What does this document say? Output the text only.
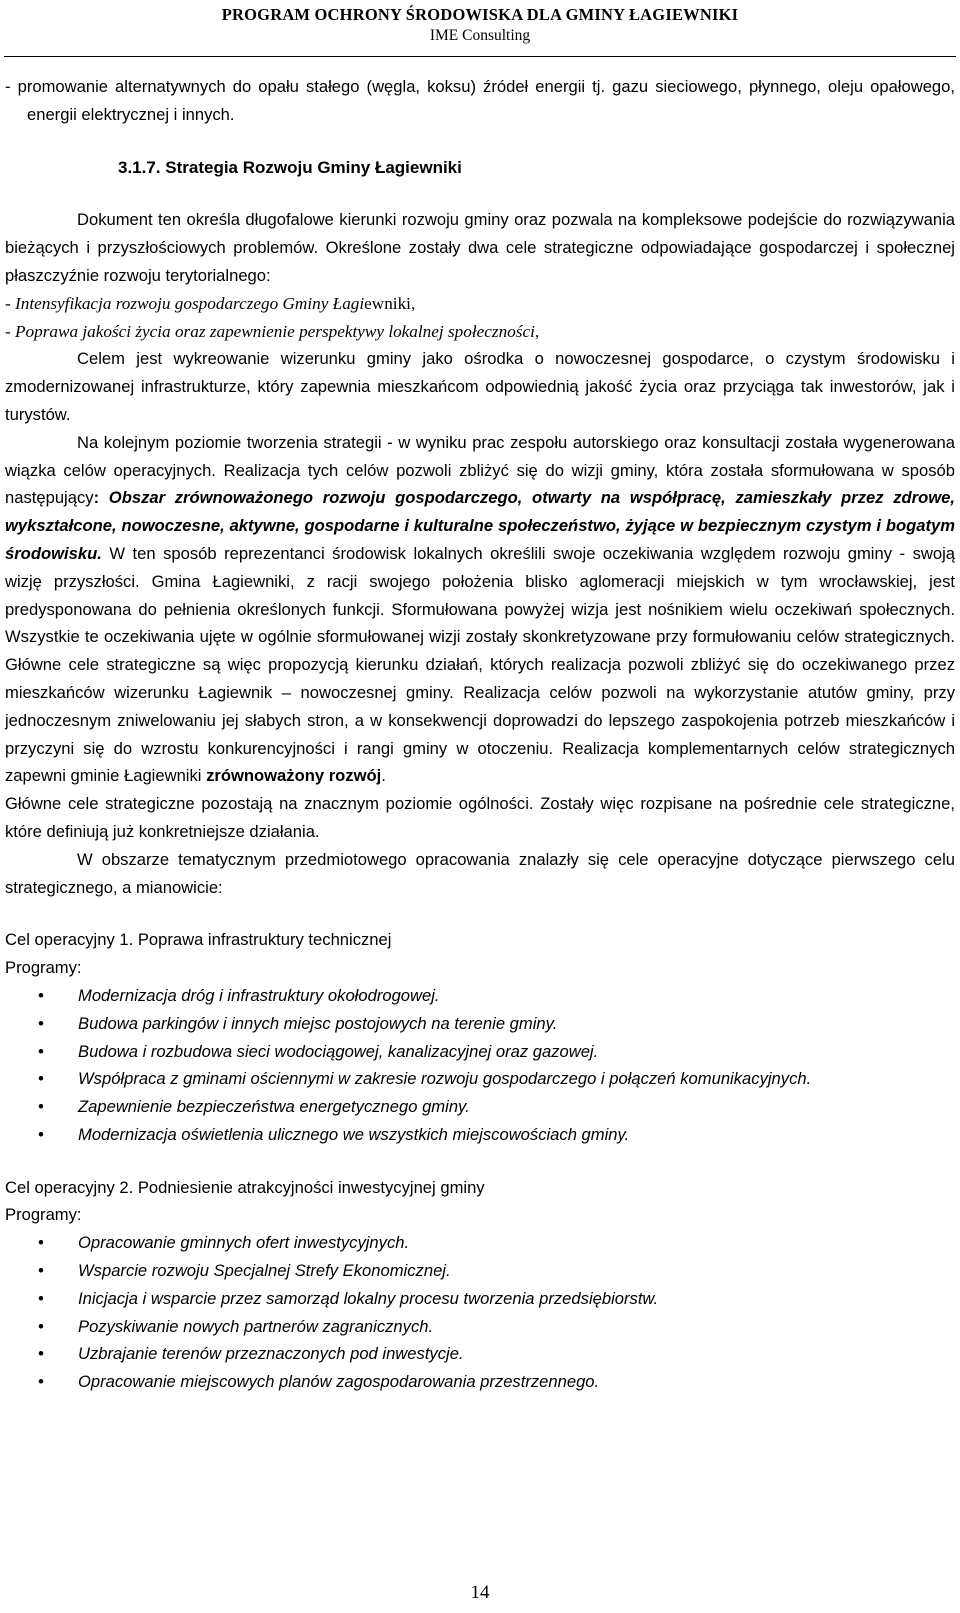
PROGRAM OCHRONY ŚRODOWISKA DLA GMINY ŁAGIEWNIKI
IME Consulting

- promowanie alternatywnych do opału stałego (węgla, koksu) źródeł energii tj. gazu sieciowego, płynnego, oleju opałowego, energii elektrycznej i innych.

3.1.7. Strategia Rozwoju Gminy Łagiewniki

Dokument ten określa długofalowe kierunki rozwoju gminy oraz pozwala na kompleksowe podejście do rozwiązywania bieżących i przyszłościowych problemów. Określone zostały dwa cele strategiczne odpowiadające gospodarczej i społecznej płaszczyźnie rozwoju terytorialnego:

- Intensyfikacja rozwoju gospodarczego Gminy Łagiewniki,

- Poprawa jakości życia oraz zapewnienie perspektywy lokalnej społeczności,

Celem jest wykreowanie wizerunku gminy jako ośrodka o nowoczesnej gospodarce, o czystym środowisku i zmodernizowanej infrastrukturze, który zapewnia mieszkańcom odpowiednią jakość życia oraz przyciąga tak inwestorów, jak i turystów.

Na kolejnym poziomie tworzenia strategii - w wyniku prac zespołu autorskiego oraz konsultacji została wygenerowana wiązka celów operacyjnych. Realizacja tych celów pozwoli zbliżyć się do wizji gminy, która została sformułowana w sposób następujący: Obszar zrównoważonego rozwoju gospodarczego, otwarty na współpracę, zamieszkały przez zdrowe, wykształcone, nowoczesne, aktywne, gospodarne i kulturalne społeczeństwo, żyjące w bezpiecznym czystym i bogatym środowisku. W ten sposób reprezentanci środowisk lokalnych określili swoje oczekiwania względem rozwoju gminy - swoją wizję przyszłości. Gmina Łagiewniki, z racji swojego położenia blisko aglomeracji miejskich w tym wrocławskiej, jest predysponowana do pełnienia określonych funkcji. Sformułowana powyżej wizja jest nośnikiem wielu oczekiwań społecznych. Wszystkie te oczekiwania ujęte w ogólnie sformułowanej wizji zostały skonkretyzowane przy formułowaniu celów strategicznych. Główne cele strategiczne są więc propozycją kierunku działań, których realizacja pozwoli zbliżyć się do oczekiwanego przez mieszkańców wizerunku Łagiewnik – nowoczesnej gminy. Realizacja celów pozwoli na wykorzystanie atutów gminy, przy jednoczesnym zniwelowaniu jej słabych stron, a w konsekwencji doprowadzi do lepszego zaspokojenia potrzeb mieszkańców i przyczyni się do wzrostu konkurencyjności i rangi gminy w otoczeniu. Realizacja komplementarnych celów strategicznych zapewni gminie Łagiewniki zrównoważony rozwój.

Główne cele strategiczne pozostają na znacznym poziomie ogólności. Zostały więc rozpisane na pośrednie cele strategiczne, które definiują już konkretniejsze działania.

W obszarze tematycznym przedmiotowego opracowania znalazły się cele operacyjne dotyczące pierwszego celu strategicznego, a mianowicie:

Cel operacyjny 1. Poprawa infrastruktury technicznej

Programy:

• Modernizacja dróg i infrastruktury okołodrogowej.
• Budowa parkingów i innych miejsc postojowych na terenie gminy.
• Budowa i rozbudowa sieci wodociągowej, kanalizacyjnej oraz gazowej.
• Współpraca z gminami ościennymi w zakresie rozwoju gospodarczego i połączeń komunikacyjnych.
• Zapewnienie bezpieczeństwa energetycznego gminy.
• Modernizacja oświetlenia ulicznego we wszystkich miejscowościach gminy.

Cel operacyjny 2. Podniesienie atrakcyjności inwestycyjnej gminy

Programy:

• Opracowanie gminnych ofert inwestycyjnych.
• Wsparcie rozwoju Specjalnej Strefy Ekonomicznej.
• Inicjacja i wsparcie przez samorząd lokalny procesu tworzenia przedsiębiorstw.
• Pozyskiwanie nowych partnerów zagranicznych.
• Uzbrajanie terenów przeznaczonych pod inwestycje.
• Opracowanie miejscowych planów zagospodarowania przestrzennego.
14
